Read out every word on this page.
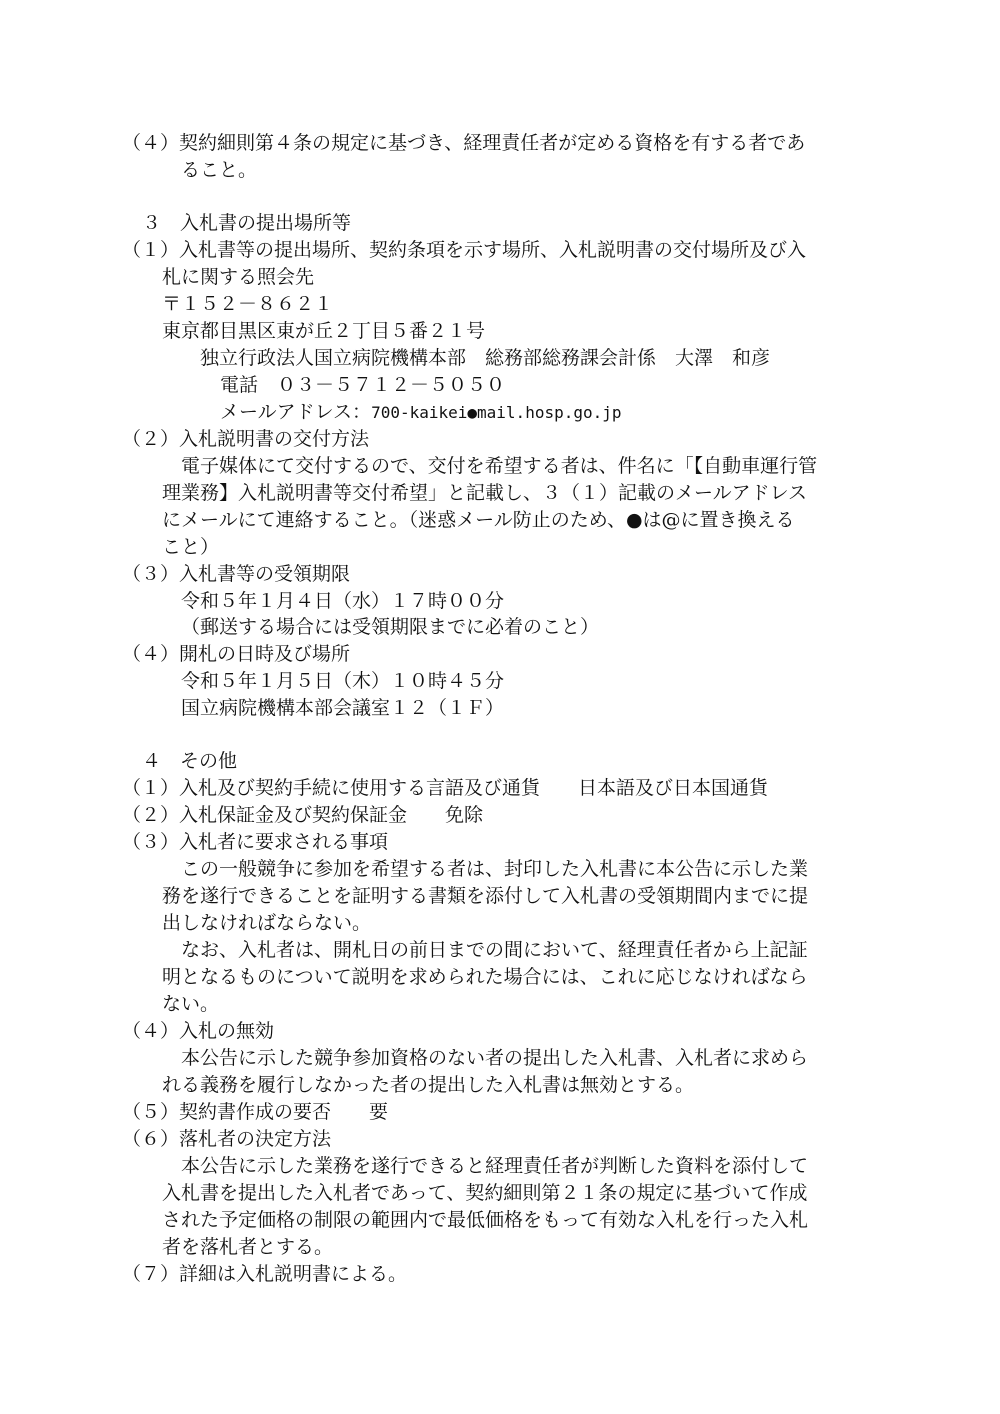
（４）契約細則第４条の規定に基づき、経理責任者が定める資格を有する者であ
ること。
３　入札書の提出場所等
（１）入札書等の提出場所、契約条項を示す場所、入札説明書の交付場所及び入
札に関する照会先
〒１５２－８６２１
東京都目黒区東が丘２丁目５番２１号
独立行政法人国立病院機構本部　総務部総務課会計係　大澤　和彦
電話　０３－５７１２－５０５０
メールアドレス：700-kaikei●mail.hosp.go.jp
（２）入札説明書の交付方法
電子媒体にて交付するので、交付を希望する者は、件名に「【自動車運行管
理業務】入札説明書等交付希望」と記載し、３（１）記載のメールアドレス
にメールにて連絡すること。（迷惑メール防止のため、●は@に置き換える
こと）
（３）入札書等の受領期限
令和５年１月４日（水）１７時００分
（郵送する場合には受領期限までに必着のこと）
（４）開札の日時及び場所
令和５年１月５日（木）１０時４５分
国立病院機構本部会議室１２（１Ｆ）
４　その他
（１）入札及び契約手続に使用する言語及び通貨　　日本語及び日本国通貨
（２）入札保証金及び契約保証金　　免除
（３）入札者に要求される事項
　この一般競争に参加を希望する者は、封印した入札書に本公告に示した業
務を遂行できることを証明する書類を添付して入札書の受領期間内までに提
出しなければならない。
　なお、入札者は、開札日の前日までの間において、経理責任者から上記証
明となるものについて説明を求められた場合には、これに応じなければなら
ない。
（４）入札の無効
　本公告に示した競争参加資格のない者の提出した入札書、入札者に求めら
れる義務を履行しなかった者の提出した入札書は無効とする。
（５）契約書作成の要否　　要
（６）落札者の決定方法
　本公告に示した業務を遂行できると経理責任者が判断した資料を添付して
入札書を提出した入札者であって、契約細則第２１条の規定に基づいて作成
された予定価格の制限の範囲内で最低価格をもって有効な入札を行った入札
者を落札者とする。
（７）詳細は入札説明書による。
